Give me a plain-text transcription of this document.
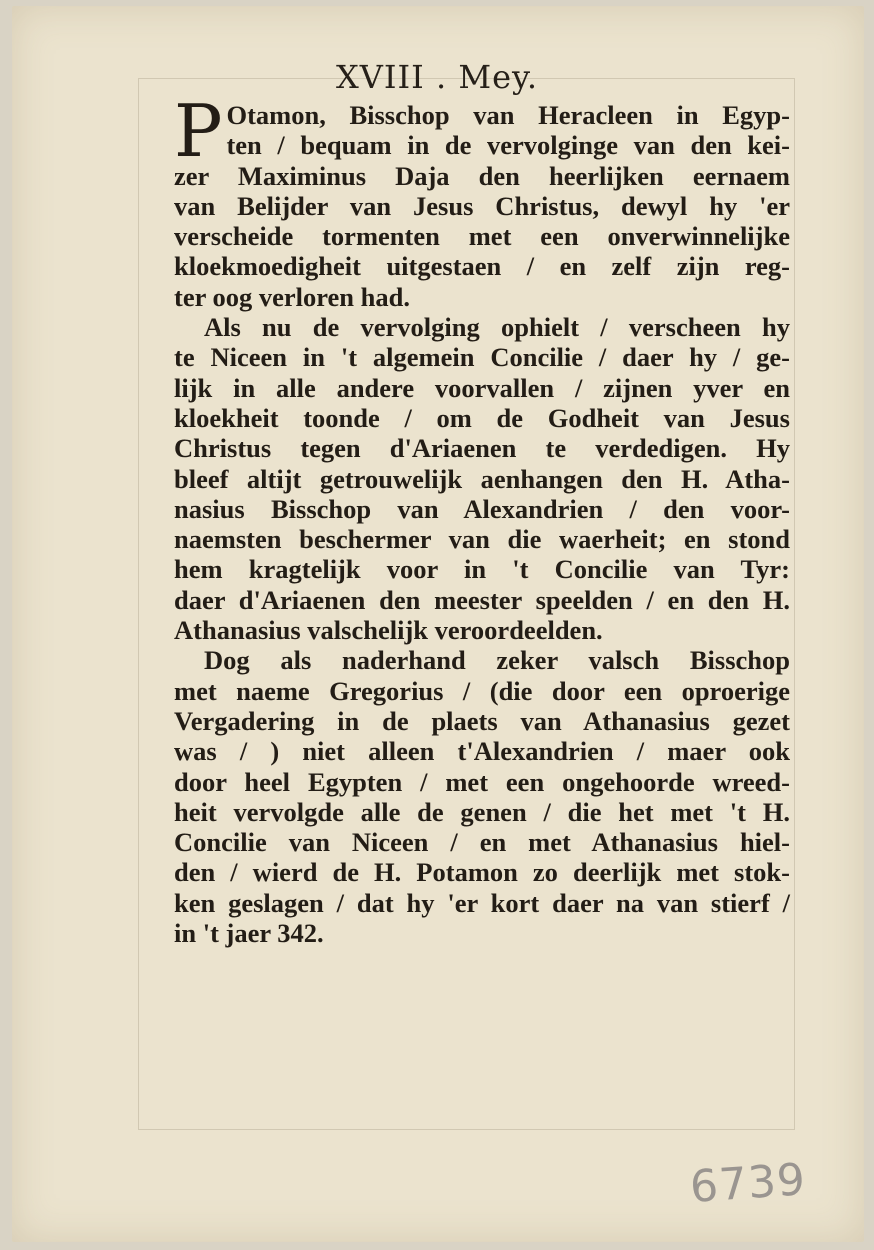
XVIII . Mey.
P Otamon, Bisschop van Heracleen in Egyp-
ten / bequam in de vervolginge van den kei-
zer Maximinus Daja den heerlijken eernaem
van Belijder van Jesus Christus, dewyl hy 'er
verscheide tormenten met een onverwinnelijke
kloekmoedigheit uitgestaen / en zelf zijn reg-
ter oog verloren had.
Als nu de vervolging ophielt / verscheen hy
te Niceen in 't algemein Concilie / daer hy / ge-
lijk in alle andere voorvallen / zijnen yver en
kloekheit toonde / om de Godheit van Jesus
Christus tegen d'Ariaenen te verdedigen. Hy
bleef altijt getrouwelijk aenhangen den H. Atha-
nasius Bisschop van Alexandrien / den voor-
naemsten beschermer van die waerheit; en stond
hem kragtelijk voor in 't Concilie van Tyr:
daer d'Ariaenen den meester speelden / en den H.
Athanasius valschelijk veroordeelden.
Dog als naderhand zeker valsch Bisschop
met naeme Gregorius / (die door een oproerige
Vergadering in de plaets van Athanasius gezet
was / ) niet alleen t'Alexandrien / maer ook
door heel Egypten / met een ongehoorde wreed-
heit vervolgde alle de genen / die het met 't H.
Concilie van Niceen / en met Athanasius hiel-
den / wierd de H. Potamon zo deerlijk met stok-
ken geslagen / dat hy 'er kort daer na van stierf /
in 't jaer 342.
6739
